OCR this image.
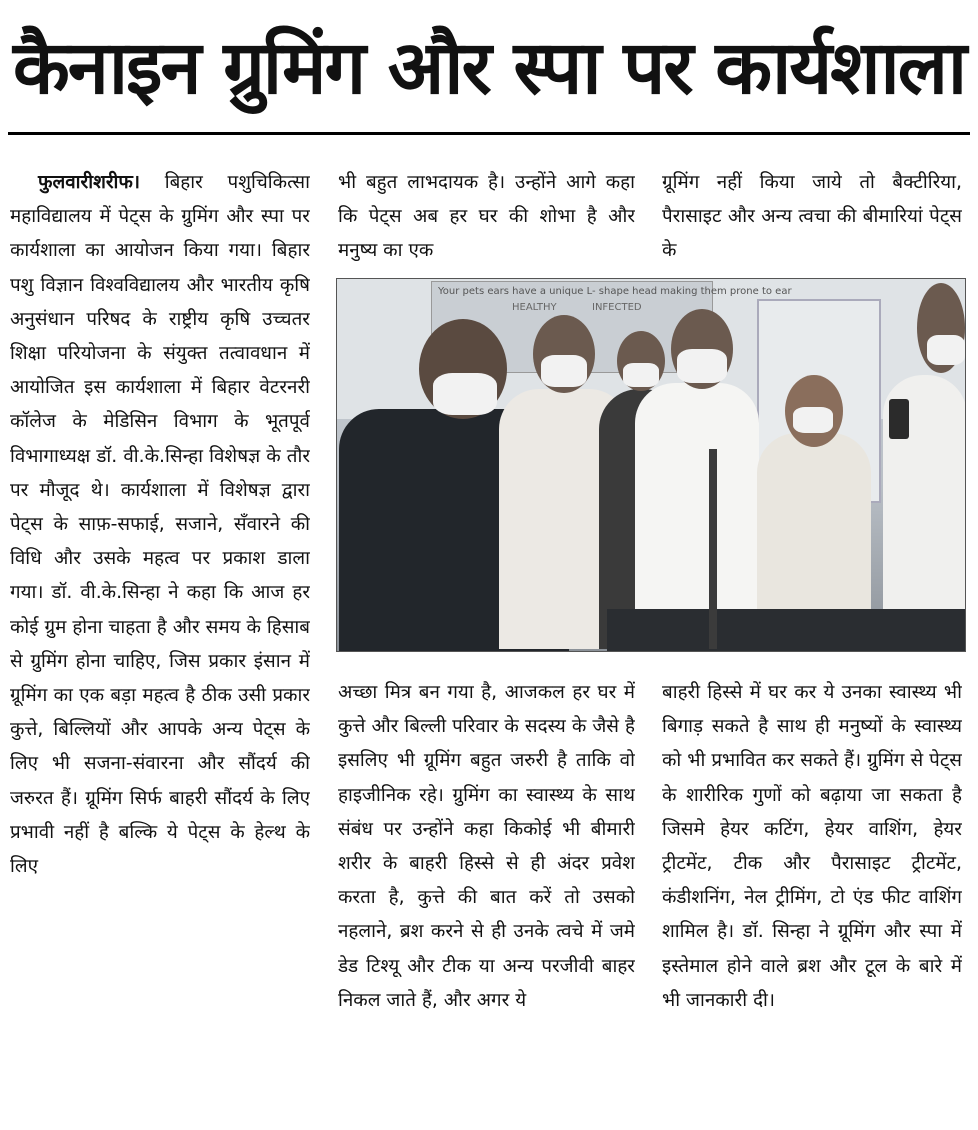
कैनाइन ग्रुमिंग और स्पा पर कार्यशाला

फुलवारीशरीफ। बिहार पशुचिकित्सा महाविद्यालय में पेट्स के ग्रुमिंग और स्पा पर कार्यशाला का आयोजन किया गया। बिहार पशु विज्ञान विश्वविद्यालय और भारतीय कृषि अनुसंधान परिषद के राष्ट्रीय कृषि उच्चतर शिक्षा परियोजना के संयुक्त तत्वावधान में आयोजित इस कार्यशाला में बिहार वेटरनरी कॉलेज के मेडिसिन विभाग के भूतपूर्व विभागाध्यक्ष डॉ. वी.के.सिन्हा विशेषज्ञ के तौर पर मौजूद थे। कार्यशाला में विशेषज्ञ द्वारा पेट्स के साफ़-सफाई, सजाने, सँवारने की विधि और उसके महत्व पर प्रकाश डाला गया। डॉ. वी.के.सिन्हा ने कहा कि आज हर कोई ग्रुम होना चाहता है और समय के हिसाब से ग्रुमिंग होना चाहिए, जिस प्रकार इंसान में ग्रूमिंग का एक बड़ा महत्व है ठीक उसी प्रकार कुत्ते, बिल्लियों और आपके अन्य पेट्स के लिए भी सजना-संवारना और सौंदर्य की जरुरत हैं। ग्रूमिंग सिर्फ बाहरी सौंदर्य के लिए प्रभावी नहीं है बल्कि ये पेट्स के हेल्थ के लिए

भी बहुत लाभदायक है। उन्होंने आगे कहा कि पेट्स अब हर घर की शोभा है और मनुष्य का एक

ग्रूमिंग नहीं किया जाये तो बैक्टीरिया, पैरासाइट और अन्य त्वचा की बीमारियां पेट्स के

Your pets ears have a unique L- shape head making them prone to ear
HEALTHY	INFECTED

अच्छा मित्र बन गया है, आजकल हर घर में कुत्ते और बिल्ली परिवार के सदस्य के जैसे है इसलिए भी ग्रूमिंग बहुत जरुरी है ताकि वो हाइजीनिक रहे। ग्रुमिंग का स्वास्थ्य के साथ संबंध पर उन्होंने कहा किकोई भी बीमारी शरीर के बाहरी हिस्से से ही अंदर प्रवेश करता है, कुत्ते की बात करें तो उसको नहलाने, ब्रश करने से ही उनके त्वचे में जमे डेड टिश्यू और टीक या अन्य परजीवी बाहर निकल जाते हैं, और अगर ये

बाहरी हिस्से में घर कर ये उनका स्वास्थ्य भी बिगाड़ सकते है साथ ही मनुष्यों के स्वास्थ्य को भी प्रभावित कर सकते हैं। ग्रुमिंग से पेट्स के शारीरिक गुणों को बढ़ाया जा सकता है जिसमे हेयर कटिंग, हेयर वाशिंग, हेयर ट्रीटमेंट, टीक और पैरासाइट ट्रीटमेंट, कंडीशनिंग, नेल ट्रीमिंग, टो एंड फीट वाशिंग शामिल है। डॉ. सिन्हा ने ग्रूमिंग और स्पा में इस्तेमाल होने वाले ब्रश और टूल के बारे में भी जानकारी दी।
